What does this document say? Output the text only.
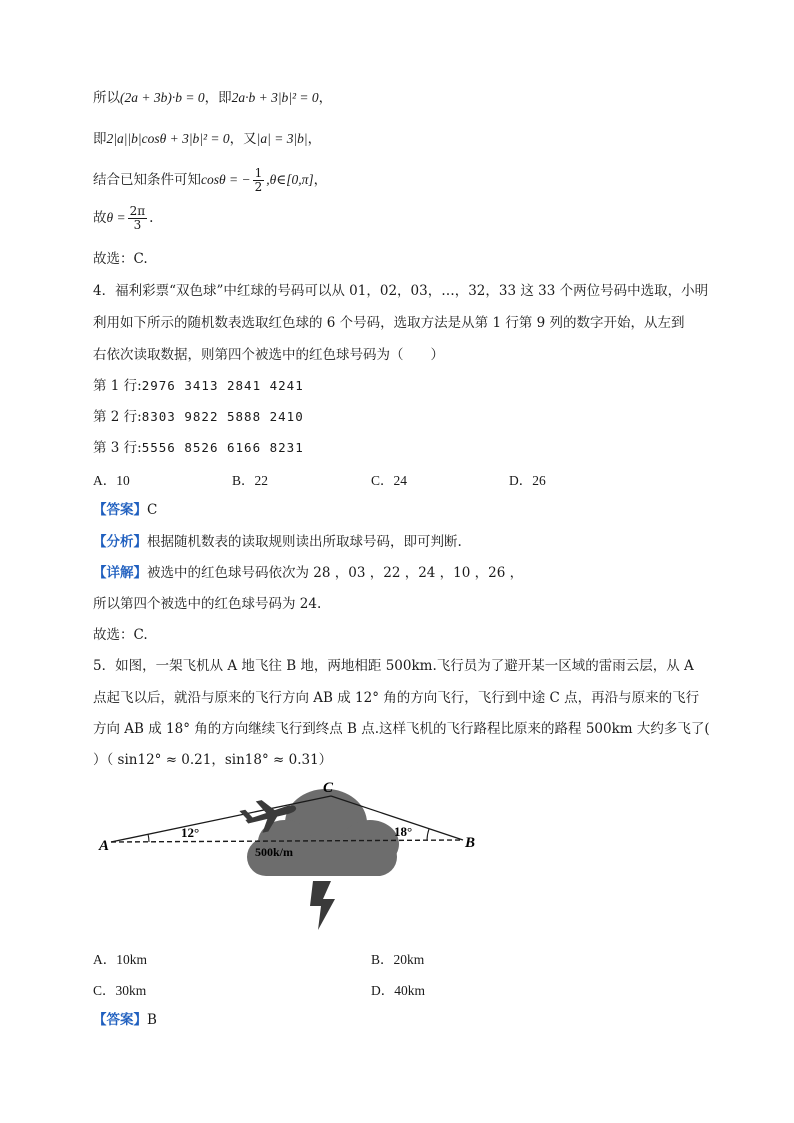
所以(2a + 3b)·b = 0，即2a·b + 3|b|² = 0，
即2|a||b|cosθ + 3|b|² = 0，又|a| = 3|b|，
结合已知条件可知cosθ = − $\frac{1}{2}$ ,θ∈[0,π]，
故$\theta = \frac{2\pi}{3}$ .
故选：C.
4．福利彩票“双色球”中红球的号码可以从 01，02，03，…，32，33 这 33 个两位号码中选取，小明
利用如下所示的随机数表选取红色球的 6 个号码，选取方法是从第 1 行第 9 列的数字开始，从左到
右依次读取数据，则第四个被选中的红色球号码为（　　）
第 1 行:2976 3413 2841 4241
第 2 行:8303 9822 5888 2410
第 3 行:5556 8526 6166 8231
A．10	B．22	C．24	D．26
【答案】C
【分析】根据随机数表的读取规则读出所取球号码，即可判断.
【详解】被选中的红色球号码依次为 28 ，03 ，22 ，24 ，10 ，26 ，
所以第四个被选中的红色球号码为 24.
故选：C.
5．如图，一架飞机从 A 地飞往 B 地，两地相距 500km.飞行员为了避开某一区域的雷雨云层，从 A
点起飞以后，就沿与原来的飞行方向 AB 成 12° 角的方向飞行，飞行到中途 C 点，再沿与原来的飞行
方向 AB 成 18° 角的方向继续飞行到终点 B 点.这样飞机的飞行路程比原来的路程 500km 大约多飞了(
）（ sin12° ≈ 0.21，sin18° ≈ 0.31）
A	B
C
12°	18°
500k/m
A．10km	B．20km
C．30km	D．40km
【答案】B
